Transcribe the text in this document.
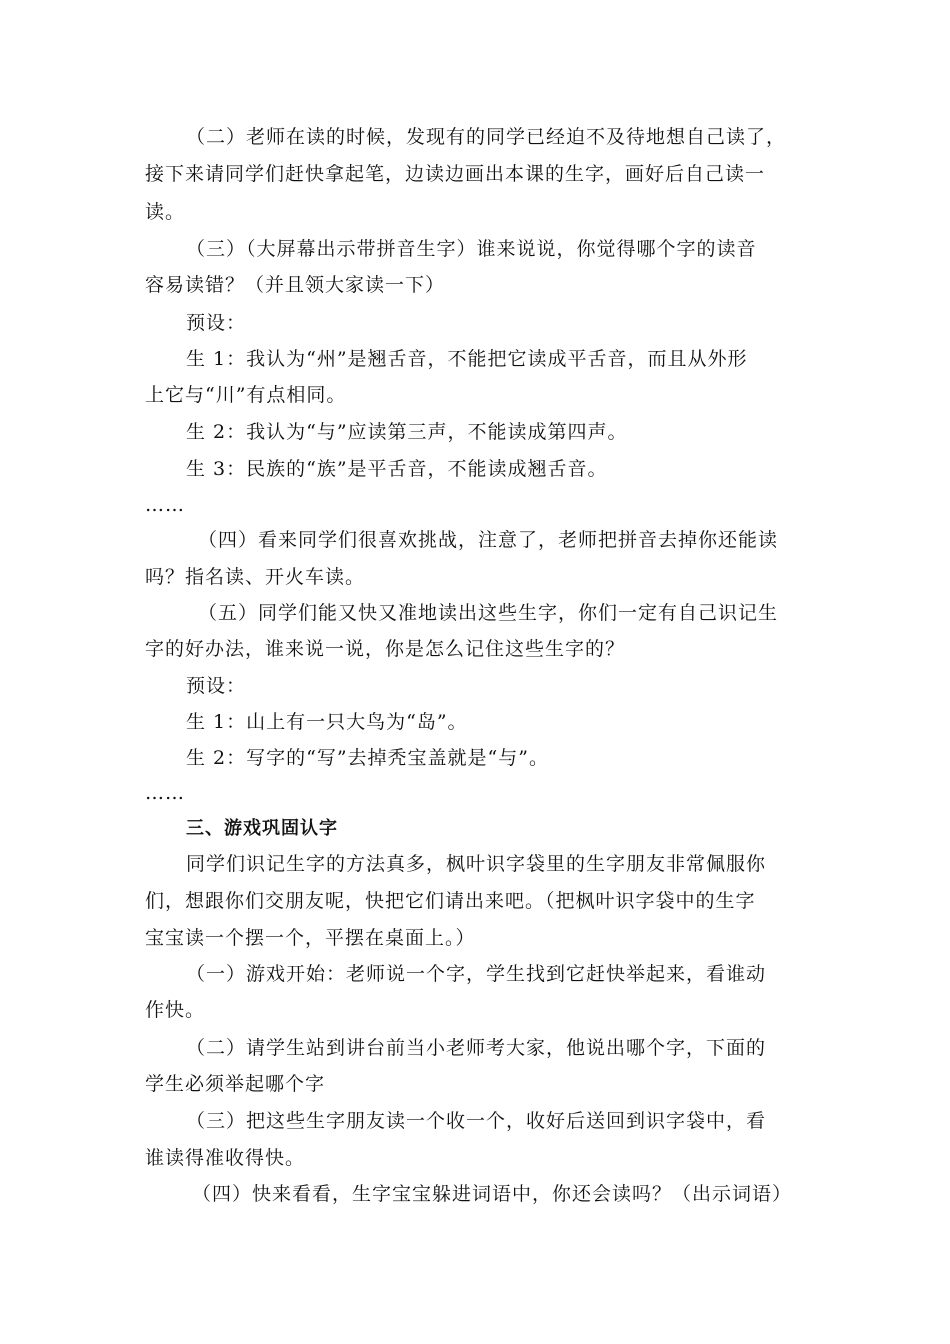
（二）老师在读的时候，发现有的同学已经迫不及待地想自己读了，
接下来请同学们赶快拿起笔，边读边画出本课的生字，画好后自己读一
读。
（三）（大屏幕出示带拼音生字）谁来说说，你觉得哪个字的读音
容易读错？（并且领大家读一下）
预设：
生 1：我认为“州”是翘舌音，不能把它读成平舌音，而且从外形
上它与“川”有点相同。
生 2：我认为“与”应读第三声，不能读成第四声。
生 3：民族的“族”是平舌音，不能读成翘舌音。
……
（四）看来同学们很喜欢挑战，注意了，老师把拼音去掉你还能读
吗？指名读、开火车读。
（五）同学们能又快又准地读出这些生字，你们一定有自己识记生
字的好办法，谁来说一说，你是怎么记住这些生字的？
预设：
生 1：山上有一只大鸟为“岛”。
生 2：写字的“写”去掉秃宝盖就是“与”。
……
三、游戏巩固认字
同学们识记生字的方法真多，枫叶识字袋里的生字朋友非常佩服你
们，想跟你们交朋友呢，快把它们请出来吧。（把枫叶识字袋中的生字
宝宝读一个摆一个，平摆在桌面上。）
（一）游戏开始：老师说一个字，学生找到它赶快举起来，看谁动
作快。
（二）请学生站到讲台前当小老师考大家，他说出哪个字，下面的
学生必须举起哪个字
（三）把这些生字朋友读一个收一个，收好后送回到识字袋中，看
谁读得准收得快。
（四）快来看看，生字宝宝躲进词语中，你还会读吗？（出示词语）
